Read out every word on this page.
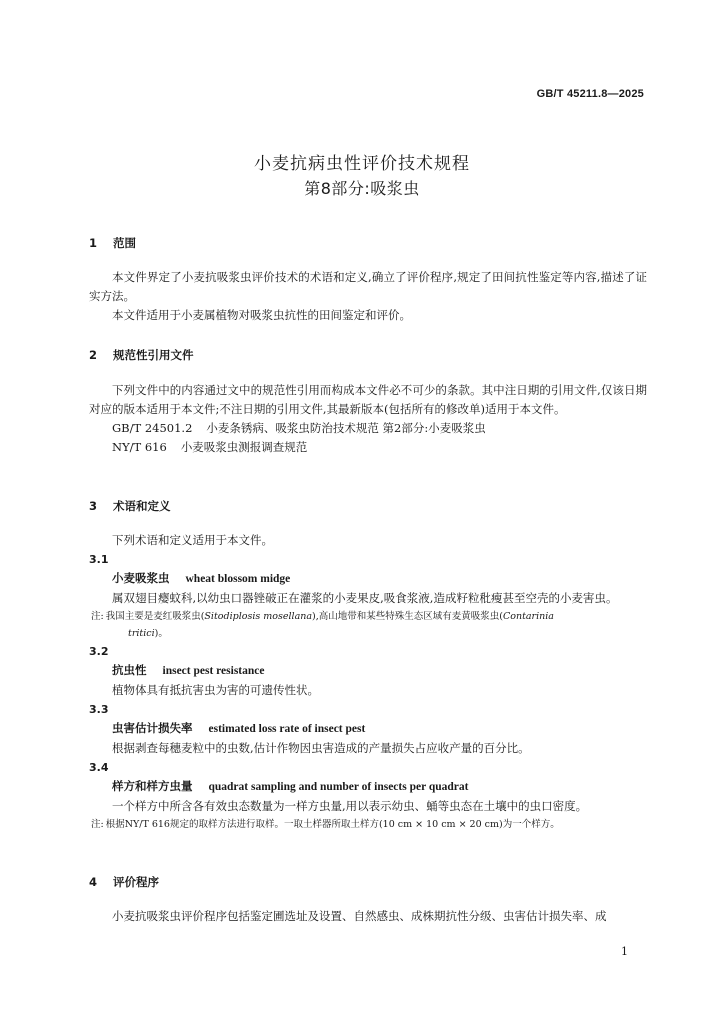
GB/T 45211.8—2025
小麦抗病虫性评价技术规程
第8部分:吸浆虫
1 范围
本文件界定了小麦抗吸浆虫评价技术的术语和定义,确立了评价程序,规定了田间抗性鉴定等内容,描述了证实方法。
本文件适用于小麦属植物对吸浆虫抗性的田间鉴定和评价。
2 规范性引用文件
下列文件中的内容通过文中的规范性引用而构成本文件必不可少的条款。其中注日期的引用文件,仅该日期对应的版本适用于本文件;不注日期的引用文件,其最新版本(包括所有的修改单)适用于本文件。
GB/T 24501.2 小麦条锈病、吸浆虫防治技术规范 第2部分:小麦吸浆虫
NY/T 616 小麦吸浆虫测报调查规范
3 术语和定义
下列术语和定义适用于本文件。
3.1
小麦吸浆虫 wheat blossom midge
属双翅目瘿蚊科,以幼虫口器锉破正在灌浆的小麦果皮,吸食浆液,造成籽粒秕瘦甚至空壳的小麦害虫。
注: 我国主要是麦红吸浆虫(Sitodiplosis mosellana),高山地带和某些特殊生态区域有麦黄吸浆虫(Contarinia
tritici)。
3.2
抗虫性 insect pest resistance
植物体具有抵抗害虫为害的可遗传性状。
3.3
虫害估计损失率 estimated loss rate of insect pest
根据剥查每穗麦粒中的虫数,估计作物因虫害造成的产量损失占应收产量的百分比。
3.4
样方和样方虫量 quadrat sampling and number of insects per quadrat
一个样方中所含各有效虫态数量为一样方虫量,用以表示幼虫、蛹等虫态在土壤中的虫口密度。
注: 根据NY/T 616规定的取样方法进行取样。一取土样器所取土样方(10 cm × 10 cm × 20 cm)为一个样方。
4 评价程序
小麦抗吸浆虫评价程序包括鉴定圃选址及设置、自然感虫、成株期抗性分级、虫害估计损失率、成
1
